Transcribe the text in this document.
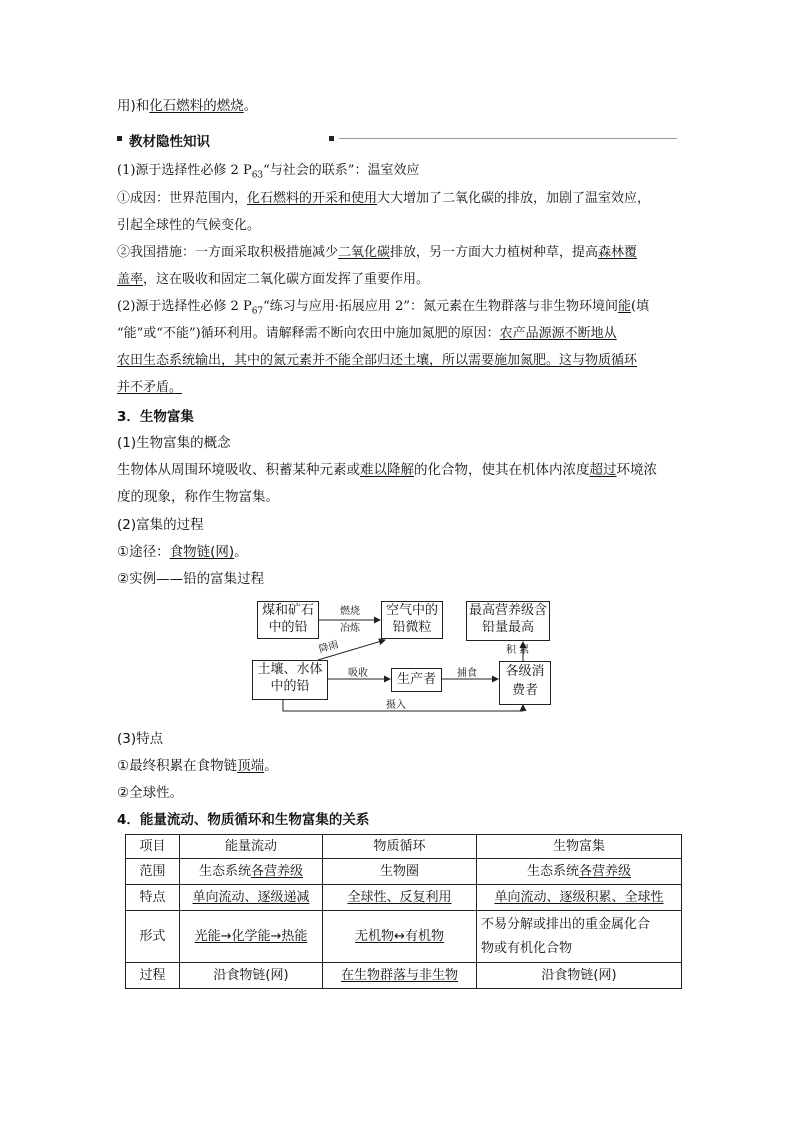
用)和化石燃料的燃烧。
教材隐性知识
(1)源于选择性必修 2 $P_{63}“$与社会的联系”：温室效应
①成因：世界范围内，化石燃料的开采和使用大大增加了二氧化碳的排放，加剧了温室效应，
引起全球性的气候变化。
②我国措施：一方面采取积极措施减少二氧化碳排放，另一方面大力植树种草，提高森林覆
盖率，这在吸收和固定二氧化碳方面发挥了重要作用。
(2)源于选择性必修 2 $P_{67}“$练习与应用·拓展应用 2”：氮元素在生物群落与非生物环境间能(填
“能”或“不能”)循环利用。请解释需不断向农田中施加氮肥的原因：农产品源源不断地从
农田生态系统输出，其中的氮元素并不能全部归还土壤，所以需要施加氮肥。这与物质循环
并不矛盾。
3．生物富集
(1)生物富集的概念
生物体从周围环境吸收、积蓄某种元素或难以降解的化合物，使其在机体内浓度超过环境浓
度的现象，称作生物富集。
(2)富集的过程
①途径：食物链(网)。
②实例——铅的富集过程
煤和矿石中的铅
空气中的铅微粒
最高营养级含铅量最高
土壤、水体中的铅	生产者
各级消费者
燃烧
冶炼
降雨
吸收	捕食
积 累
摄入
(3)特点
①最终积累在食物链顶端。
②全球性。
4．能量流动、物质循环和生物富集的关系
项目	能量流动	物质循环	生物富集
范围	生态系统各营养级	生物圈	生态系统各营养级
特点	单向流动、逐级递减	全球性、反复利用	单向流动、逐级积累、全球性
形式	光能→化学能→热能	无机物↔有机物	不易分解或排出的重金属化合
物或有机化合物
过程	沿食物链(网)	在生物群落与非生物	沿食物链(网)
